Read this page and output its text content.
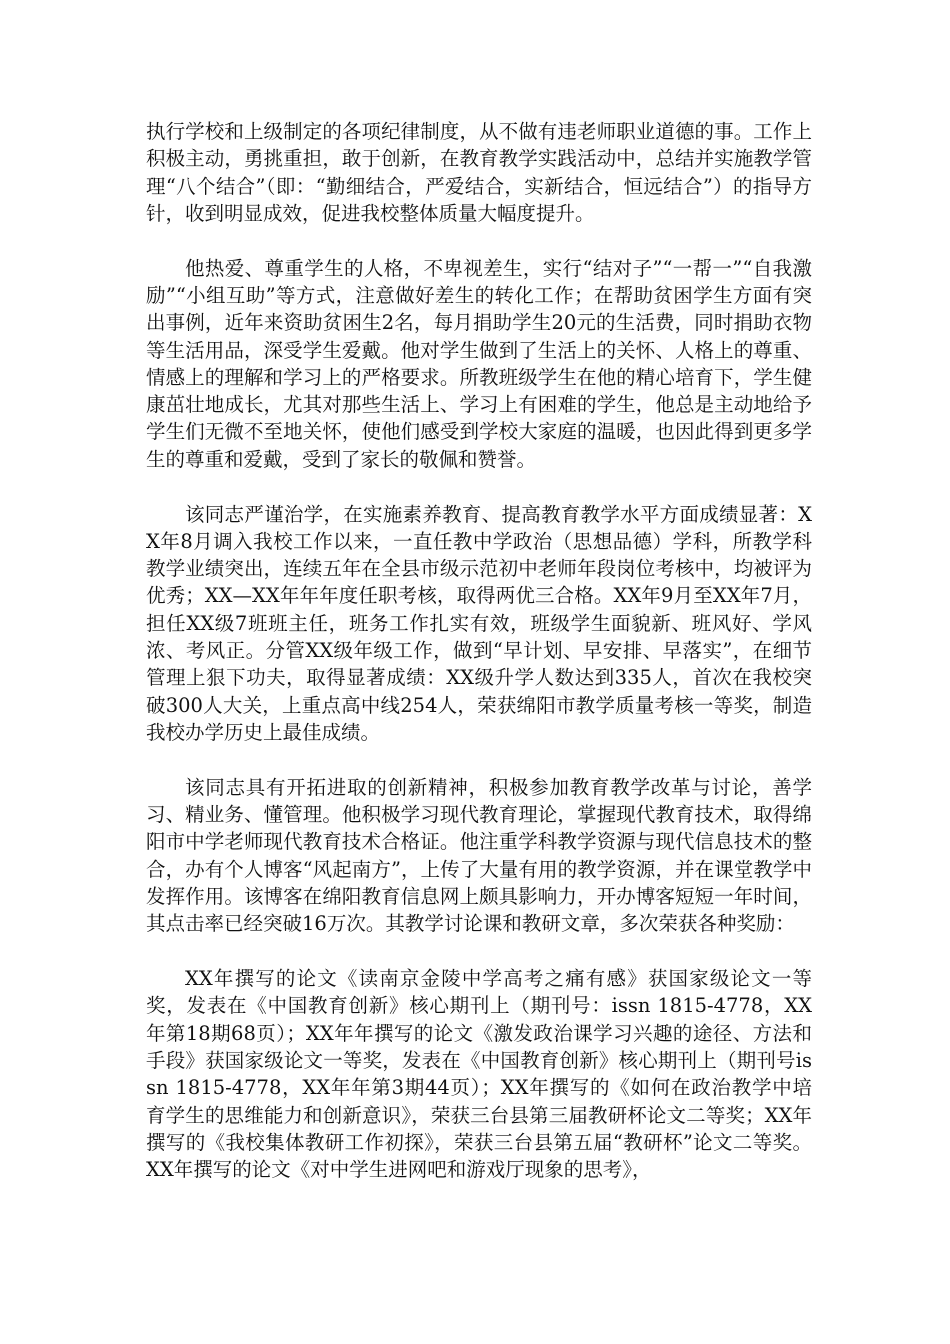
执行学校和上级制定的各项纪律制度，从不做有违老师职业道德的事。工作上积极主动，勇挑重担，敢于创新，在教育教学实践活动中，总结并实施教学管理“八个结合”（即：“勤细结合，严爱结合，实新结合，恒远结合”）的指导方针，收到明显成效，促进我校整体质量大幅度提升。

他热爱、尊重学生的人格，不卑视差生，实行“结对子”“一帮一”“自我激励”“小组互助”等方式，注意做好差生的转化工作；在帮助贫困学生方面有突出事例，近年来资助贫困生2名，每月捐助学生20元的生活费，同时捐助衣物等生活用品，深受学生爱戴。他对学生做到了生活上的关怀、人格上的尊重、情感上的理解和学习上的严格要求。所教班级学生在他的精心培育下，学生健康茁壮地成长，尤其对那些生活上、学习上有困难的学生，他总是主动地给予学生们无微不至地关怀，使他们感受到学校大家庭的温暖，也因此得到更多学生的尊重和爱戴，受到了家长的敬佩和赞誉。

该同志严谨治学，在实施素养教育、提高教育教学水平方面成绩显著：XX年8月调入我校工作以来，一直任教中学政治（思想品德）学科，所教学科教学业绩突出，连续五年在全县市级示范初中老师年段岗位考核中，均被评为优秀；XX—XX年年年度任职考核，取得两优三合格。XX年9月至XX年7月，担任XX级7班班主任，班务工作扎实有效，班级学生面貌新、班风好、学风浓、考风正。分管XX级年级工作，做到“早计划、早安排、早落实”，在细节管理上狠下功夫，取得显著成绩：XX级升学人数达到335人，首次在我校突破300人大关，上重点高中线254人，荣获绵阳市教学质量考核一等奖，制造我校办学历史上最佳成绩。

该同志具有开拓进取的创新精神，积极参加教育教学改革与讨论，善学习、精业务、懂管理。他积极学习现代教育理论，掌握现代教育技术，取得绵阳市中学老师现代教育技术合格证。他注重学科教学资源与现代信息技术的整合，办有个人博客“风起南方”，上传了大量有用的教学资源，并在课堂教学中发挥作用。该博客在绵阳教育信息网上颇具影响力，开办博客短短一年时间，其点击率已经突破16万次。其教学讨论课和教研文章，多次荣获各种奖励：

XX年撰写的论文《读南京金陵中学高考之痛有感》获国家级论文一等奖，发表在《中国教育创新》核心期刊上（期刊号：issn 1815-4778，XX年第18期68页）；XX年年撰写的论文《激发政治课学习兴趣的途径、方法和手段》获国家级论文一等奖，发表在《中国教育创新》核心期刊上（期刊号issn 1815-4778，XX年年第3期44页）；XX年撰写的《如何在政治教学中培育学生的思维能力和创新意识》，荣获三台县第三届教研杯论文二等奖；XX年撰写的《我校集体教研工作初探》，荣获三台县第五届“教研杯”论文二等奖。XX年撰写的论文《对中学生进网吧和游戏厅现象的思考》，
